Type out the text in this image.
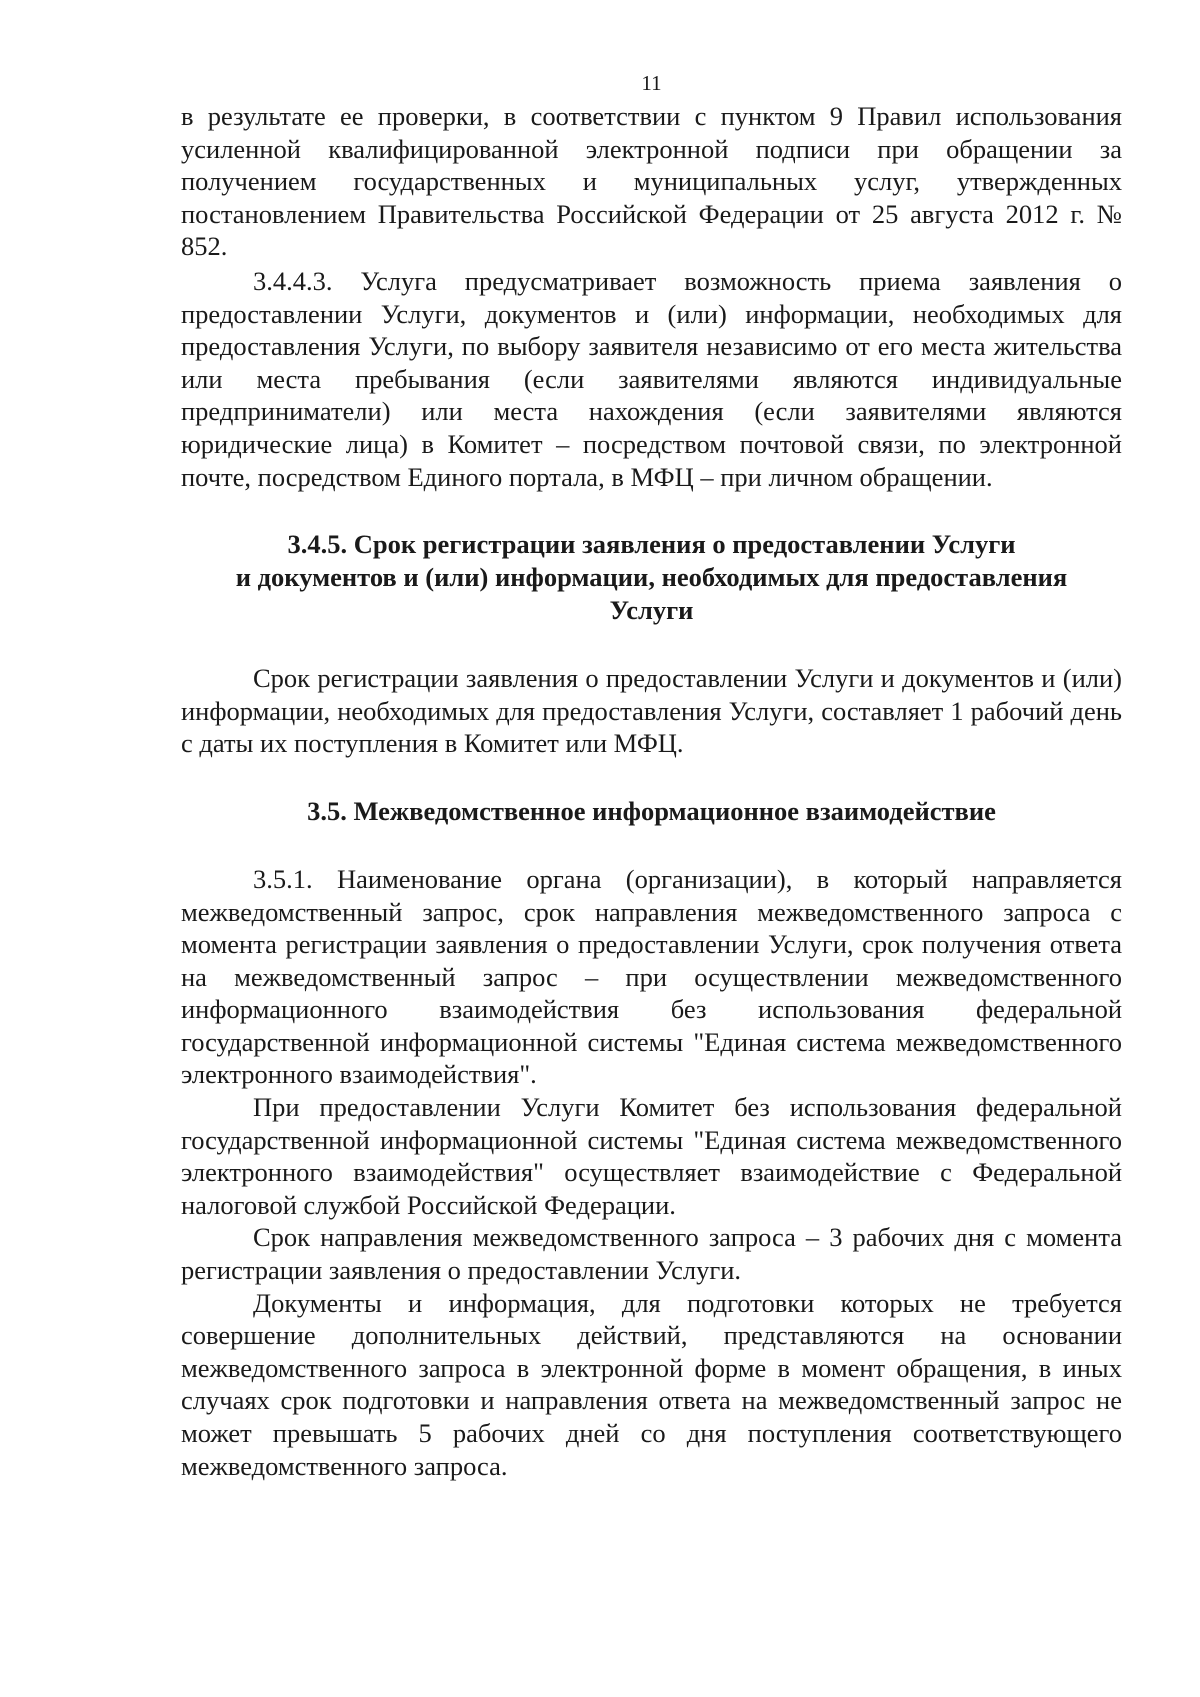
11

в результате ее проверки, в соответствии с пунктом 9 Правил использования усиленной квалифицированной электронной подписи при обращении за получением государственных и муниципальных услуг, утвержденных постановлением Правительства Российской Федерации от 25 августа 2012 г. № 852.

3.4.4.3. Услуга предусматривает возможность приема заявления о предоставлении Услуги, документов и (или) информации, необходимых для предоставления Услуги, по выбору заявителя независимо от его места жительства или места пребывания (если заявителями являются индивидуальные предприниматели) или места нахождения (если заявителями являются юридические лица) в Комитет – посредством почтовой связи, по электронной почте, посредством Единого портала, в МФЦ – при личном обращении.

3.4.5. Срок регистрации заявления о предоставлении Услуги
и документов и (или) информации, необходимых для предоставления
Услуги

Срок регистрации заявления о предоставлении Услуги и документов и (или) информации, необходимых для предоставления Услуги, составляет 1 рабочий день с даты их поступления в Комитет или МФЦ.

3.5. Межведомственное информационное взаимодействие

3.5.1. Наименование органа (организации), в который направляется межведомственный запрос, срок направления межведомственного запроса с момента регистрации заявления о предоставлении Услуги, срок получения ответа на межведомственный запрос – при осуществлении межведомственного информационного взаимодействия без использования федеральной государственной информационной системы "Единая система межведомственного электронного взаимодействия".

При предоставлении Услуги Комитет без использования федеральной государственной информационной системы "Единая система межведомственного электронного взаимодействия" осуществляет взаимодействие с Федеральной налоговой службой Российской Федерации.

Срок направления межведомственного запроса – 3 рабочих дня с момента регистрации заявления о предоставлении Услуги.

Документы и информация, для подготовки которых не требуется совершение дополнительных действий, представляются на основании межведомственного запроса в электронной форме в момент обращения, в иных случаях срок подготовки и направления ответа на межведомственный запрос не может превышать 5 рабочих дней со дня поступления соответствующего межведомственного запроса.
